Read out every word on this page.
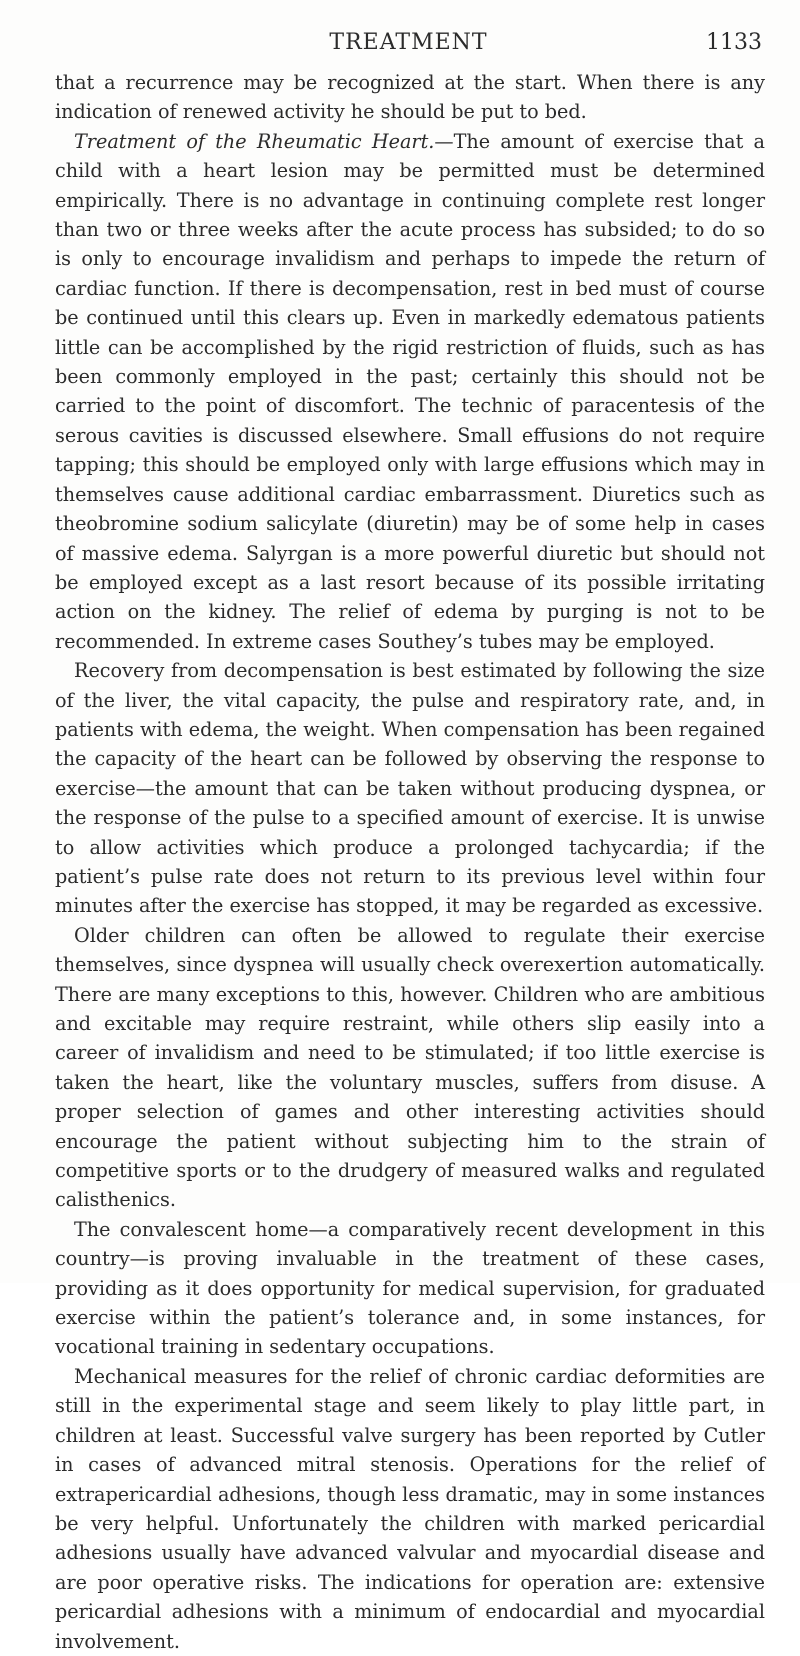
TREATMENT	1133

that a recurrence may be recognized at the start. When there is any indication of renewed activity he should be put to bed.

Treatment of the Rheumatic Heart.—The amount of exercise that a child with a heart lesion may be permitted must be determined empirically. There is no advantage in continuing complete rest longer than two or three weeks after the acute process has subsided; to do so is only to encourage invalidism and perhaps to impede the return of cardiac function. If there is decompensation, rest in bed must of course be continued until this clears up. Even in markedly edematous patients little can be accomplished by the rigid restriction of fluids, such as has been commonly employed in the past; certainly this should not be carried to the point of discomfort. The technic of paracentesis of the serous cavities is discussed elsewhere. Small effusions do not require tapping; this should be employed only with large effusions which may in themselves cause additional cardiac embarrassment. Diuretics such as theobromine sodium salicylate (diuretin) may be of some help in cases of massive edema. Salyrgan is a more powerful diuretic but should not be employed except as a last resort because of its possible irritating action on the kidney. The relief of edema by purging is not to be recommended. In extreme cases Southey’s tubes may be employed.

Recovery from decompensation is best estimated by following the size of the liver, the vital capacity, the pulse and respiratory rate, and, in patients with edema, the weight. When compensation has been regained the capacity of the heart can be followed by observing the response to exercise—the amount that can be taken without producing dyspnea, or the response of the pulse to a specified amount of exercise. It is unwise to allow activities which produce a prolonged tachycardia; if the patient’s pulse rate does not return to its previous level within four minutes after the exercise has stopped, it may be regarded as excessive.

Older children can often be allowed to regulate their exercise themselves, since dyspnea will usually check overexertion automatically. There are many exceptions to this, however. Children who are ambitious and excitable may require restraint, while others slip easily into a career of invalidism and need to be stimulated; if too little exercise is taken the heart, like the voluntary muscles, suffers from disuse. A proper selection of games and other interesting activities should encourage the patient without subjecting him to the strain of competitive sports or to the drudgery of measured walks and regulated calisthenics.

The convalescent home—a comparatively recent development in this country—is proving invaluable in the treatment of these cases, providing as it does opportunity for medical supervision, for graduated exercise within the patient’s tolerance and, in some instances, for vocational training in sedentary occupations.

Mechanical measures for the relief of chronic cardiac deformities are still in the experimental stage and seem likely to play little part, in children at least. Successful valve surgery has been reported by Cutler in cases of advanced mitral stenosis. Operations for the relief of extrapericardial adhesions, though less dramatic, may in some instances be very helpful. Unfortunately the children with marked pericardial adhesions usually have advanced valvular and myocardial disease and are poor operative risks. The indications for operation are: extensive pericardial adhesions with a minimum of endocardial and myocardial involvement.
